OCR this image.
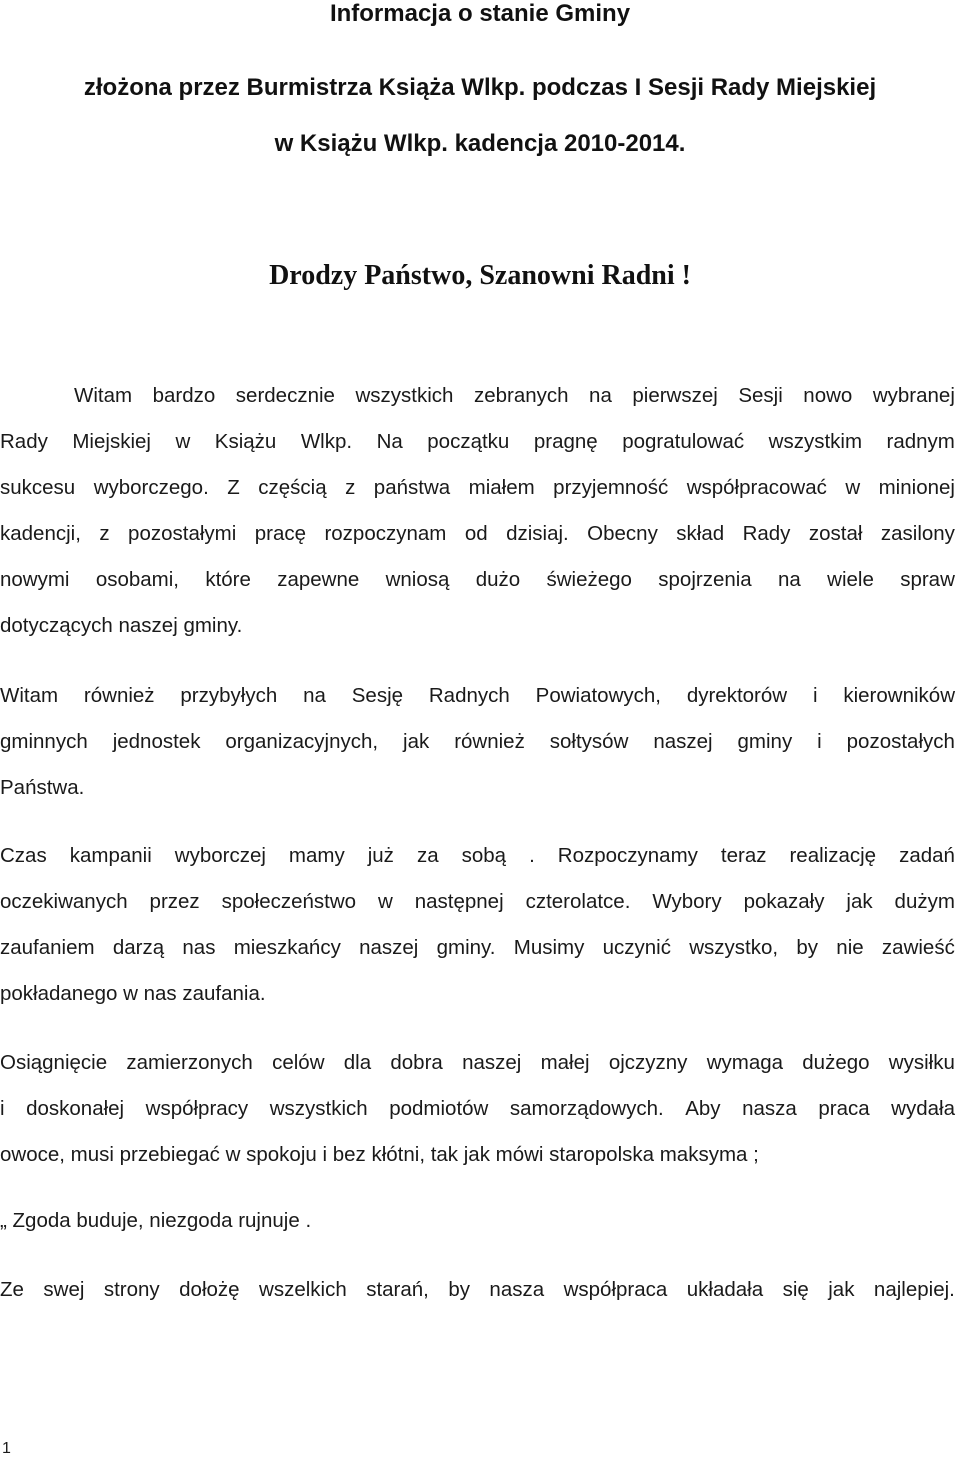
Informacja o stanie Gminy
złożona przez Burmistrza Książa Wlkp. podczas I Sesji Rady Miejskiej
w Książu Wlkp. kadencja 2010-2014.
Drodzy Państwo, Szanowni Radni !
Witam bardzo serdecznie wszystkich zebranych na pierwszej Sesji nowo wybranej
Rady Miejskiej w Książu Wlkp. Na początku pragnę pogratulować wszystkim radnym
sukcesu wyborczego. Z częścią z państwa miałem przyjemność współpracować w minionej
kadencji, z pozostałymi pracę rozpoczynam od dzisiaj. Obecny skład Rady został zasilony
nowymi osobami, które zapewne wniosą dużo świeżego spojrzenia na wiele spraw
dotyczących naszej gminy.
Witam również przybyłych na Sesję Radnych Powiatowych, dyrektorów i kierowników
gminnych jednostek organizacyjnych, jak również sołtysów naszej gminy i pozostałych
Państwa.
Czas kampanii wyborczej mamy już za sobą . Rozpoczynamy teraz realizację zadań
oczekiwanych przez społeczeństwo w następnej czterolatce. Wybory pokazały jak dużym
zaufaniem darzą nas mieszkańcy naszej gminy. Musimy uczynić wszystko, by nie zawieść
pokładanego w nas zaufania.
Osiągnięcie zamierzonych celów dla dobra naszej małej ojczyzny wymaga dużego wysiłku
i doskonałej współpracy wszystkich podmiotów samorządowych. Aby nasza praca wydała
owoce, musi przebiegać w spokoju i bez kłótni, tak jak mówi staropolska maksyma ;
„ Zgoda buduje, niezgoda rujnuje .
Ze swej strony dołożę wszelkich starań, by nasza współpraca układała się jak najlepiej.
1
